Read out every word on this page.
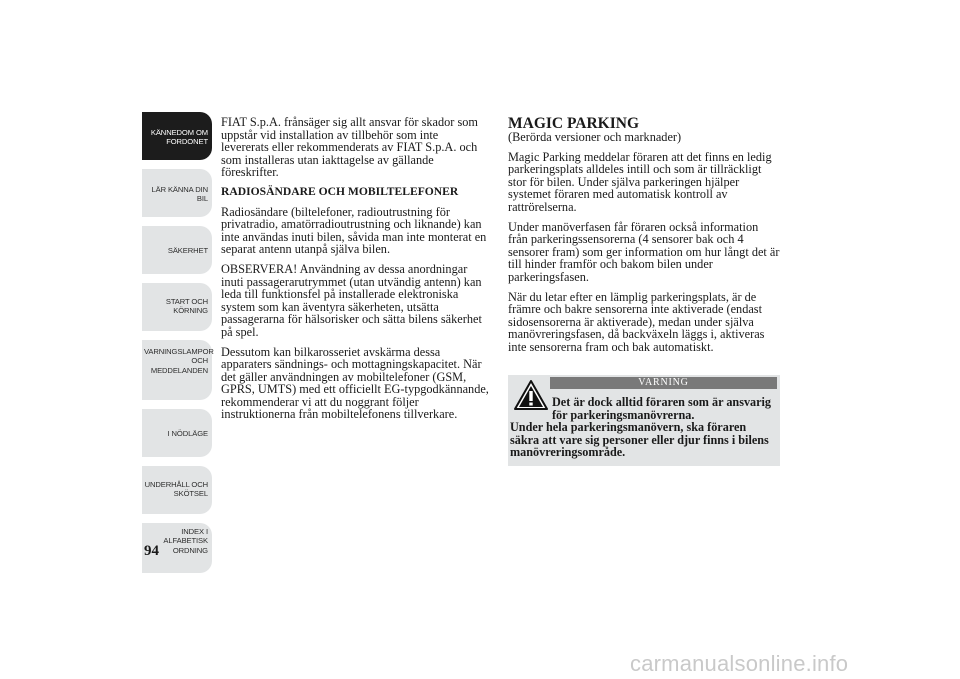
KÄNNEDOM OM
FORDONET
LÄR KÄNNA DIN
BIL
SÄKERHET
START OCH
KÖRNING
VARNINGSLAMPOR
OCH
MEDDELANDEN
I NÖDLÄGE
UNDERHÅLL OCH
SKÖTSEL
INDEX I
ALFABETISK
ORDNING
94

FIAT S.p.A. frånsäger sig allt ansvar för skador som uppstår vid installation av tillbehör som inte levererats eller rekommenderats av FIAT S.p.A. och som installeras utan iakttagelse av gällande föreskrifter.

RADIOSÄNDARE OCH MOBILTELEFONER

Radiosändare (biltelefoner, radioutrustning för privatradio, amatörradioutrustning och liknande) kan inte användas inuti bilen, såvida man inte monterat en separat antenn utanpå själva bilen.

OBSERVERA! Användning av dessa anordningar inuti passagerarutrymmet (utan utvändig antenn) kan leda till funktionsfel på installerade elektroniska system som kan äventyra säkerheten, utsätta passagerarna för hälsorisker och sätta bilens säkerhet på spel.

Dessutom kan bilkarosseriet avskärma dessa apparaters sändnings- och mottagningskapacitet. När det gäller användningen av mobiltelefoner (GSM, GPRS, UMTS) med ett officiellt EG-typgodkännande, rekommenderar vi att du noggrant följer instruktionerna från mobiltelefonens tillverkare.

MAGIC PARKING

(Berörda versioner och marknader)

Magic Parking meddelar föraren att det finns en ledig parkeringsplats alldeles intill och som är tillräckligt stor för bilen. Under själva parkeringen hjälper systemet föraren med automatisk kontroll av rattrörelserna.

Under manöverfasen får föraren också information från parkeringssensorerna (4 sensorer bak och 4 sensorer fram) som ger information om hur långt det är till hinder framför och bakom bilen under parkeringsfasen.

När du letar efter en lämplig parkeringsplats, är de främre och bakre sensorerna inte aktiverade (endast sidosensorerna är aktiverade), medan under själva manövreringsfasen, då backväxeln läggs i, aktiveras inte sensorerna fram och bak automatiskt.

VARNING
Det är dock alltid föraren som är ansvarig för parkeringsmanövrerna.
Under hela parkeringsmanövern, ska föraren säkra att vare sig personer eller djur finns i bilens manövreringsområde.
carmanualsonline.info
